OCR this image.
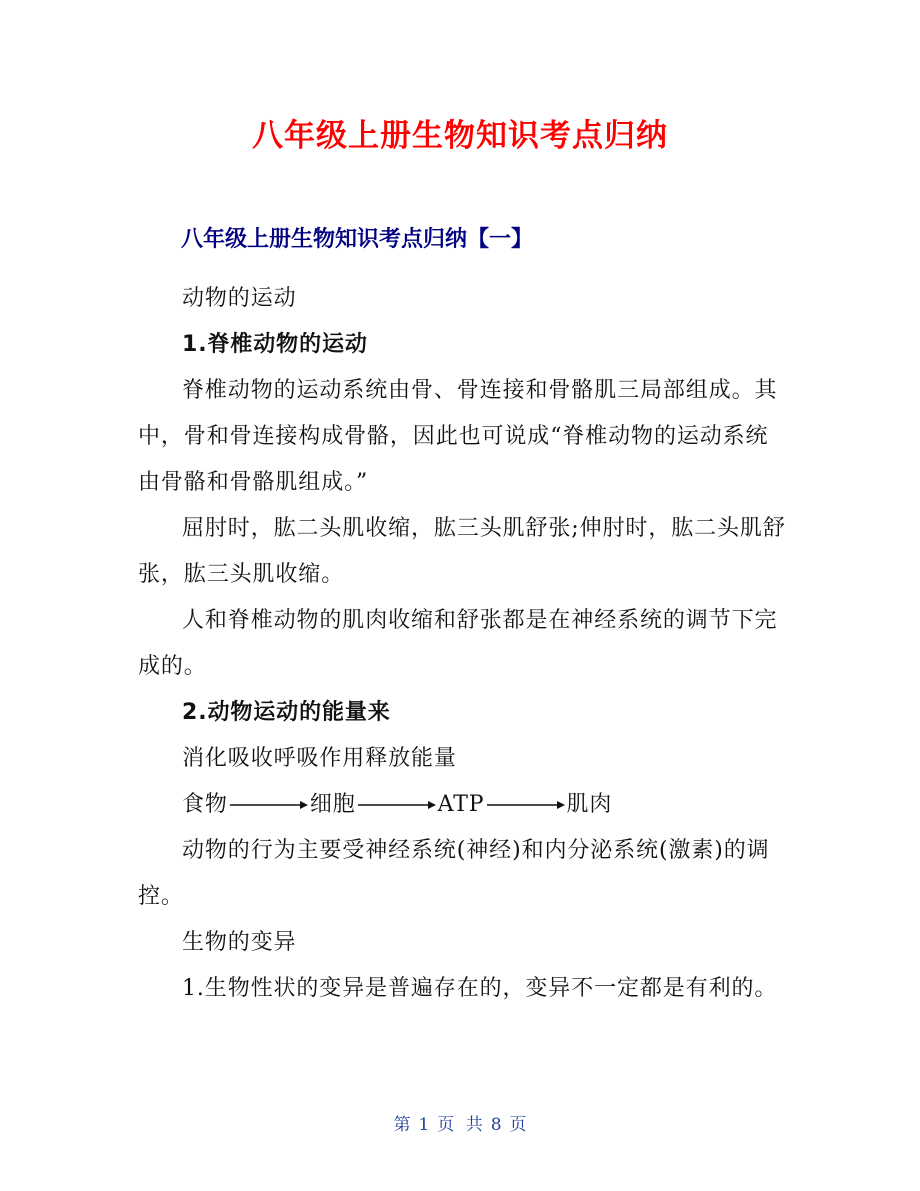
八年级上册生物知识考点归纳
八年级上册生物知识考点归纳【一】

动物的运动

1.脊椎动物的运动

脊椎动物的运动系统由骨、骨连接和骨骼肌三局部组成。其中，骨和骨连接构成骨骼，因此也可说成“脊椎动物的运动系统由骨骼和骨骼肌组成。”

屈肘时，肱二头肌收缩，肱三头肌舒张;伸肘时，肱二头肌舒张，肱三头肌收缩。

人和脊椎动物的肌肉收缩和舒张都是在神经系统的调节下完成的。

2.动物运动的能量来

消化吸收呼吸作用释放能量

食物	细胞	ATP	肌肉

动物的行为主要受神经系统(神经)和内分泌系统(激素)的调控。

生物的变异

1.生物性状的变异是普遍存在的，变异不一定都是有利的。

第 1 页 共 8 页
